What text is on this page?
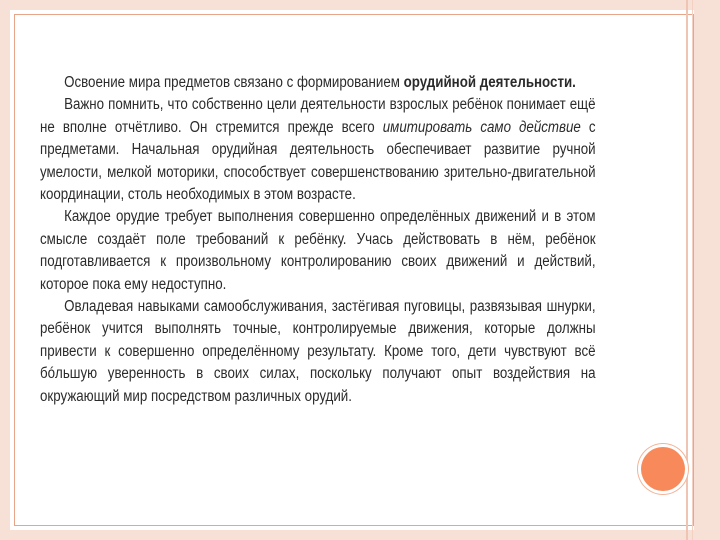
Освоение мира предметов связано с формированием орудийной деятельности.

Важно помнить, что собственно цели деятельности взрослых ребёнок понимает ещё не вполне отчётливо. Он стремится прежде всего имитировать само действие с предметами. Начальная орудийная деятельность обеспечивает развитие ручной умелости, мелкой моторики, способствует совершенствованию зрительно-двигательной координации, столь необходимых в этом возрасте.

Каждое орудие требует выполнения совершенно определённых движений и в этом смысле создаёт поле требований к ребёнку. Учась действовать в нём, ребёнок подготавливается к произвольному контролированию своих движений и действий, которое пока ему недоступно.

Овладевая навыками самообслуживания, застёгивая пуговицы, развязывая шнурки, ребёнок учится выполнять точные, контролируемые движения, которые должны привести к совершенно определённому результату. Кроме того, дети чувствуют всё бóльшую уверенность в своих силах, поскольку получают опыт воздействия на окружающий мир посредством различных орудий.
